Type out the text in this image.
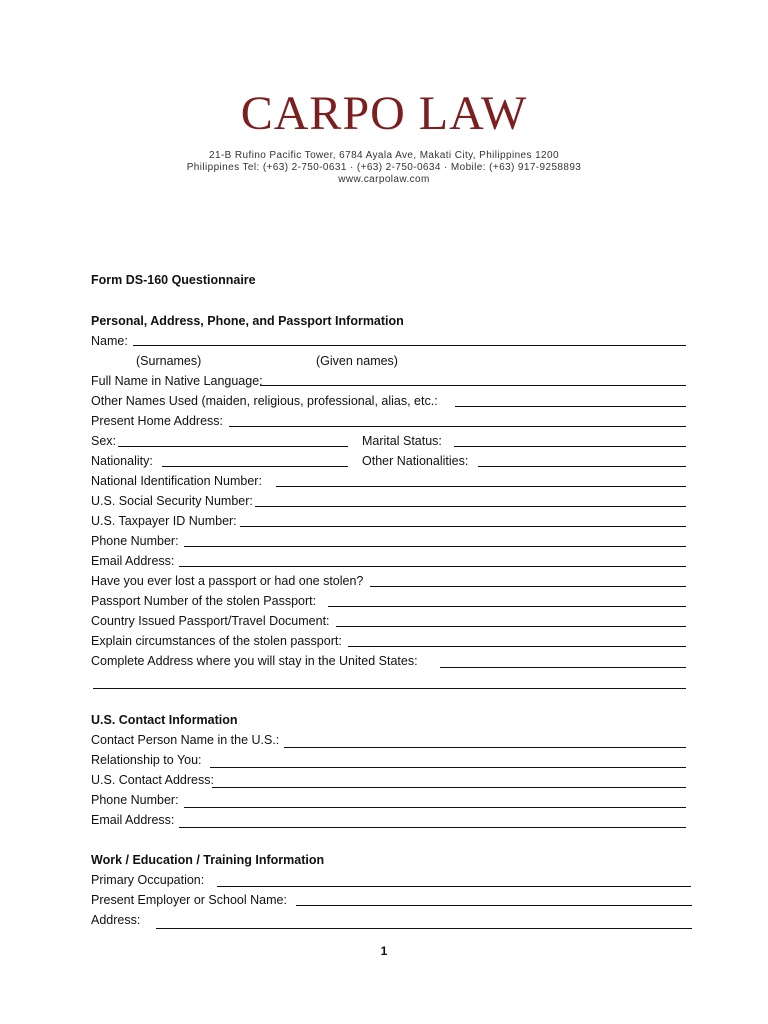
CARPO LAW
21-B Rufino Pacific Tower, 6784 Ayala Ave, Makati City, Philippines 1200
Philippines Tel: (+63) 2-750-0631 · (+63) 2-750-0634 · Mobile: (+63) 917-9258893
www.carpolaw.com
Form DS-160 Questionnaire
Personal, Address, Phone, and Passport Information
Name:
(Surnames)	(Given names)
Full Name in Native Language:
Other Names Used (maiden, religious, professional, alias, etc.:
Present Home Address:
Sex:	Marital Status:
Nationality:	Other Nationalities:
National Identification Number:
U.S. Social Security Number:
U.S. Taxpayer ID Number:
Phone Number:
Email Address:
Have you ever lost a passport or had one stolen?
Passport Number of the stolen Passport:
Country Issued Passport/Travel Document:
Explain circumstances of the stolen passport:
Complete Address where you will stay in the United States:
U.S. Contact Information
Contact Person Name in the U.S.:
Relationship to You:
U.S. Contact Address:
Phone Number:
Email Address:
Work / Education / Training Information
Primary Occupation:
Present Employer or School Name:
Address:
1
